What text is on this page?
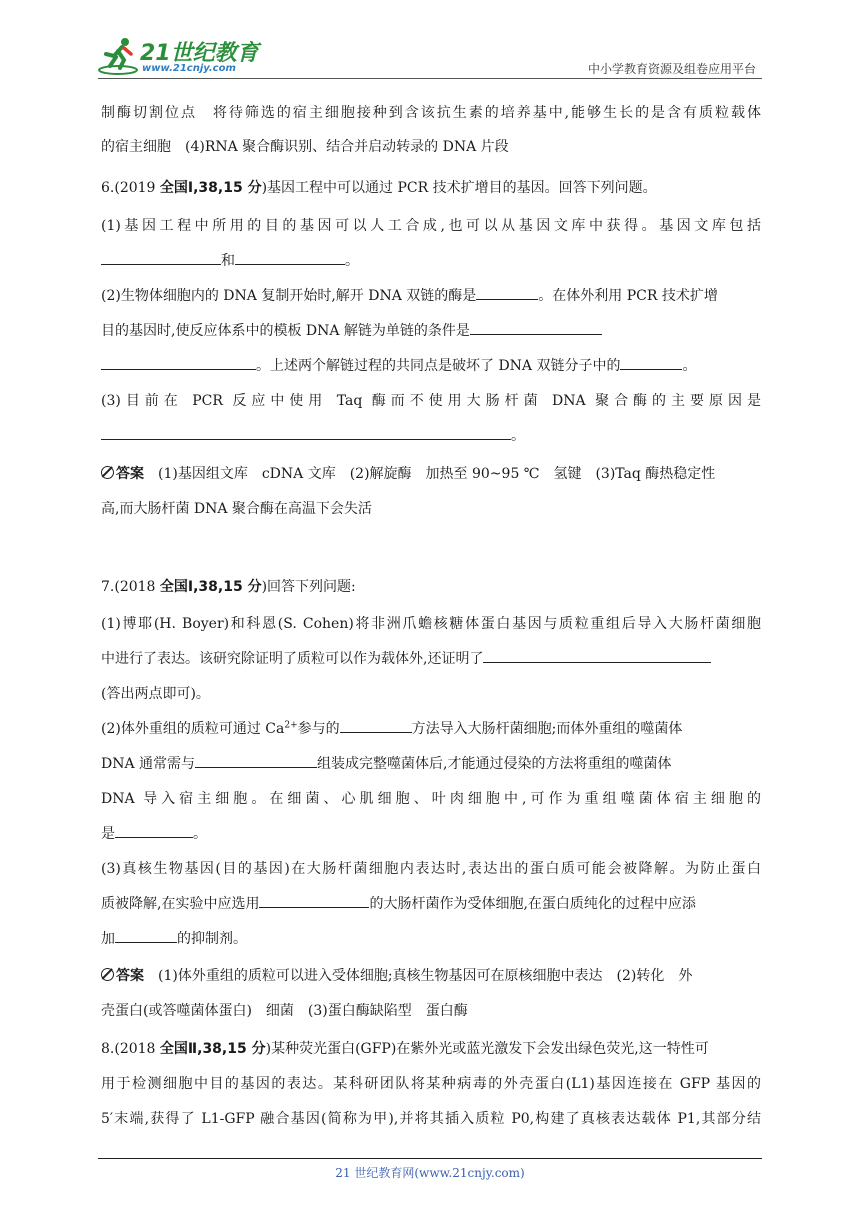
21世纪教育
www.21cnjy.com	中小学教育资源及组卷应用平台
制酶切割位点　将待筛选的宿主细胞接种到含该抗生素的培养基中,能够生长的是含有质粒载体
的宿主细胞　(4)RNA 聚合酶识别、结合并启动转录的 DNA 片段
6.(2019 全国Ⅰ,38,15 分)基因工程中可以通过 PCR 技术扩增目的基因。回答下列问题。
(1)基因工程中所用的目的基因可以人工合成,也可以从基因文库中获得。基因文库包括
和	。
(2)生物体细胞内的 DNA 复制开始时,解开 DNA 双链的酶是	。在体外利用 PCR 技术扩增
目的基因时,使反应体系中的模板 DNA 解链为单链的条件是
。上述两个解链过程的共同点是破坏了 DNA 双链分子中的	。
(3)目前在 PCR 反应中使用 Taq 酶而不使用大肠杆菌 DNA 聚合酶的主要原因是
。
答案　 (1)基因组文库　cDNA 文库　(2)解旋酶　加热至 90~95 ℃　氢键　(3)Taq 酶热稳定性
高,而大肠杆菌 DNA 聚合酶在高温下会失活
7.(2018 全国Ⅰ,38,15 分)回答下列问题:
(1)博耶(H. Boyer)和科恩(S. Cohen)将非洲爪蟾核糖体蛋白基因与质粒重组后导入大肠杆菌细胞
中进行了表达。该研究除证明了质粒可以作为载体外,还证明了
(答出两点即可)。
(2)体外重组的质粒可通过 $Ca^{2+}$参与的	方法导入大肠杆菌细胞;而体外重组的噬菌体
DNA 通常需与	组装成完整噬菌体后,才能通过侵染的方法将重组的噬菌体
DNA 导入宿主细胞。在细菌、心肌细胞、叶肉细胞中,可作为重组噬菌体宿主细胞的
是	。
(3)真核生物基因(目的基因)在大肠杆菌细胞内表达时,表达出的蛋白质可能会被降解。为防止蛋白
质被降解,在实验中应选用	的大肠杆菌作为受体细胞,在蛋白质纯化的过程中应添
加	的抑制剂。
答案　 (1)体外重组的质粒可以进入受体细胞;真核生物基因可在原核细胞中表达　(2)转化　外
壳蛋白(或答噬菌体蛋白)　细菌　(3)蛋白酶缺陷型　蛋白酶
8.(2018 全国Ⅱ,38,15 分)某种荧光蛋白(GFP)在紫外光或蓝光激发下会发出绿色荧光,这一特性可
用于检测细胞中目的基因的表达。某科研团队将某种病毒的外壳蛋白(L1)基因连接在 GFP 基因的
5′末端,获得了 L1-GFP 融合基因(简称为甲),并将其插入质粒 P0,构建了真核表达载体 P1,其部分结
21 世纪教育网(www.21cnjy.com)
